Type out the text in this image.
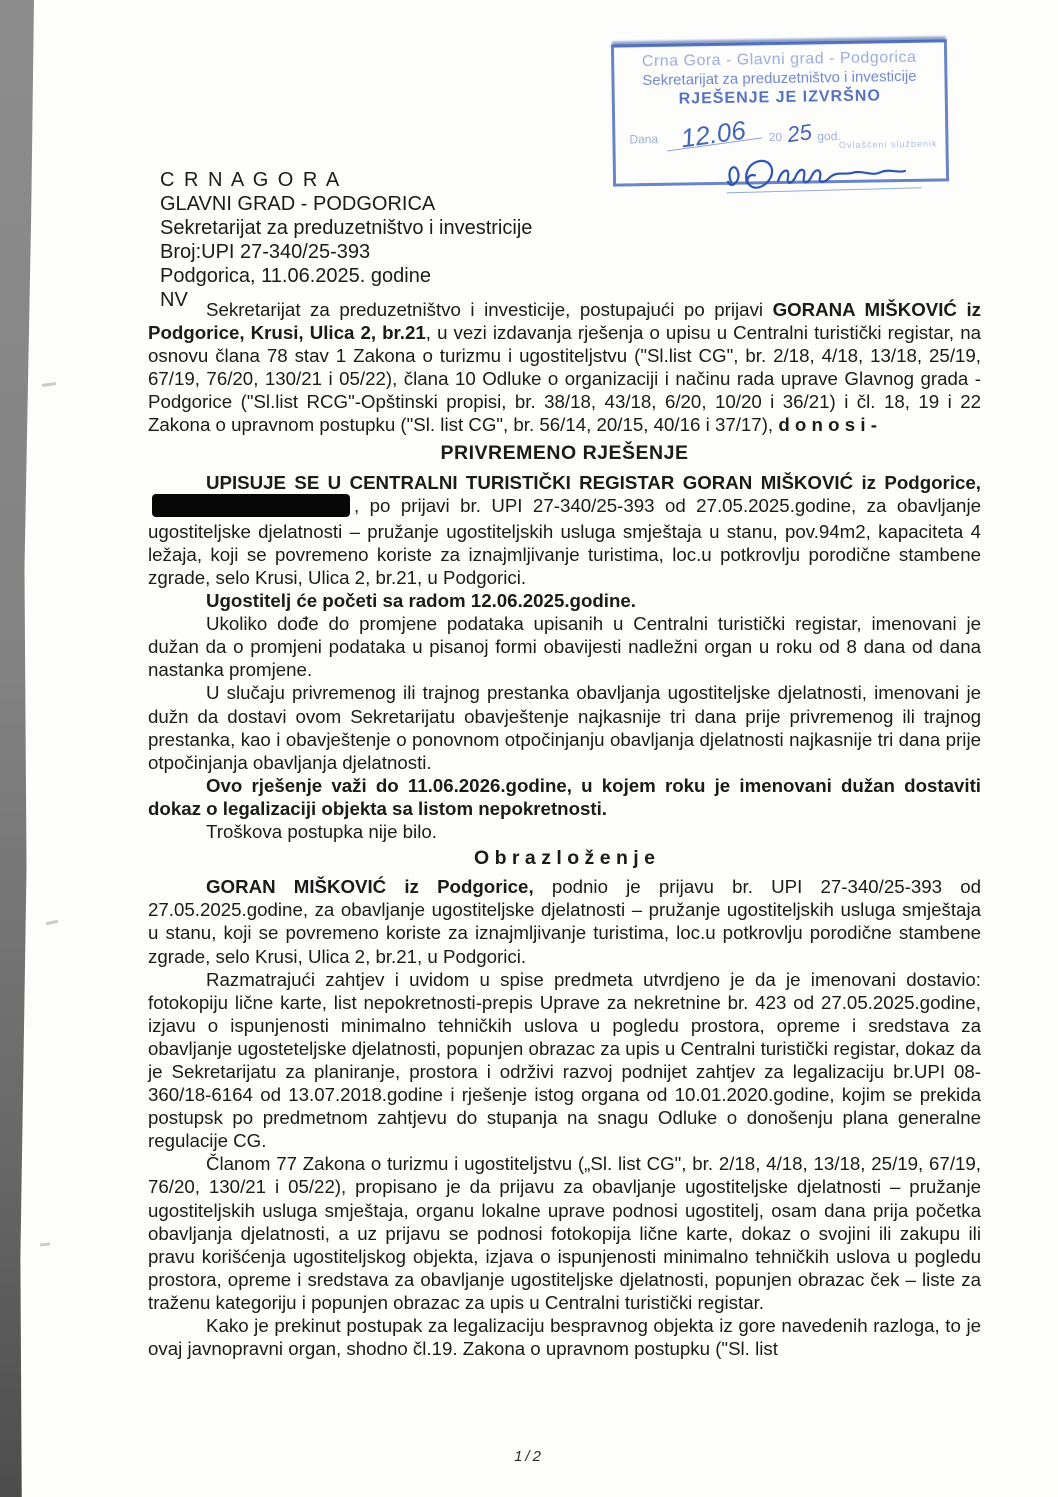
Crna Gora - Glavni grad - Podgorica
Sekretarijat za preduzetništvo i investicije
RJEŠENJE JE IZVRŠNO
Dana 12.06 20 25 god.
Ovlašćeni službenik
C R N A G O R A
GLAVNI GRAD - PODGORICA
Sekretarijat za preduzetništvo i investricije
Broj:UPI 27-340/25-393
Podgorica, 11.06.2025. godine
NV Sekretarijat za preduzetništvo i investicije, postupajući po prijavi GORANA MIŠKOVIĆ iz Podgorice, Krusi, Ulica 2, br.21, u vezi izdavanja rješenja o upisu u Centralni turistički registar, na osnovu člana 78 stav 1 Zakona o turizmu i ugostiteljstvu ("Sl.list CG", br. 2/18, 4/18, 13/18, 25/19, 67/19, 76/20, 130/21 i 05/22), člana 10 Odluke o organizaciji i načinu rada uprave Glavnog grada - Podgorice ("Sl.list RCG"-Opštinski propisi, br. 38/18, 43/18, 6/20, 10/20 i 36/21) i čl. 18, 19 i 22 Zakona o upravnom postupku ("Sl. list CG", br. 56/14, 20/15, 40/16 i 37/17), d o n o s i -

PRIVREMENO RJEŠENJE

UPISUJE SE U CENTRALNI TURISTIČKI REGISTAR GORAN MIŠKOVIĆ iz Podgorice,, po prijavi br. UPI 27-340/25-393 od 27.05.2025.godine, za obavljanje ugostiteljske djelatnosti – pružanje ugostiteljskih usluga smještaja u stanu, pov.94m2, kapaciteta 4 ležaja, koji se povremeno koriste za iznajmljivanje turistima, loc.u potkrovlju porodične stambene zgrade, selo Krusi, Ulica 2, br.21, u Podgorici.

Ugostitelj će početi sa radom 12.06.2025.godine.

Ukoliko dođe do promjene podataka upisanih u Centralni turistički registar, imenovani je dužan da o promjeni podataka u pisanoj formi obavijesti nadležni organ u roku od 8 dana od dana nastanka promjene.

U slučaju privremenog ili trajnog prestanka obavljanja ugostiteljske djelatnosti, imenovani je dužn da dostavi ovom Sekretarijatu obavještenje najkasnije tri dana prije privremenog ili trajnog prestanka, kao i obavještenje o ponovnom otpočinjanju obavljanja djelatnosti najkasnije tri dana prije otpočinjanja obavljanja djelatnosti.

Ovo rješenje važi do 11.06.2026.godine, u kojem roku je imenovani dužan dostaviti dokaz o legalizaciji objekta sa listom nepokretnosti.

Troškova postupka nije bilo.

O b r a z l o ž e n j e

GORAN MIŠKOVIĆ iz Podgorice, podnio je prijavu br. UPI 27-340/25-393 od 27.05.2025.godine, za obavljanje ugostiteljske djelatnosti – pružanje ugostiteljskih usluga smještaja u stanu, koji se povremeno koriste za iznajmljivanje turistima, loc.u potkrovlju porodične stambene zgrade, selo Krusi, Ulica 2, br.21, u Podgorici.

Razmatrajući zahtjev i uvidom u spise predmeta utvrdjeno je da je imenovani dostavio: fotokopiju lične karte, list nepokretnosti-prepis Uprave za nekretnine br. 423 od 27.05.2025.godine, izjavu o ispunjenosti minimalno tehničkih uslova u pogledu prostora, opreme i sredstava za obavljanje ugosteteljske djelatnosti, popunjen obrazac za upis u Centralni turistički registar, dokaz da je Sekretarijatu za planiranje, prostora i održivi razvoj podnijet zahtjev za legalizaciju br.UPI 08-360/18-6164 od 13.07.2018.godine i rješenje istog organa od 10.01.2020.godine, kojim se prekida postupsk po predmetnom zahtjevu do stupanja na snagu Odluke o donošenju plana generalne regulacije CG.

Članom 77 Zakona o turizmu i ugostiteljstvu („Sl. list CG", br. 2/18, 4/18, 13/18, 25/19, 67/19, 76/20, 130/21 i 05/22), propisano je da prijavu za obavljanje ugostiteljske djelatnosti – pružanje ugostiteljskih usluga smještaja, organu lokalne uprave podnosi ugostitelj, osam dana prija početka obavljanja djelatnosti, a uz prijavu se podnosi fotokopija lične karte, dokaz o svojini ili zakupu ili pravu korišćenja ugostiteljskog objekta, izjava o ispunjenosti minimalno tehničkih uslova u pogledu prostora, opreme i sredstava za obavljanje ugostiteljske djelatnosti, popunjen obrazac ček – liste za traženu kategoriju i popunjen obrazac za upis u Centralni turistički registar.

Kako je prekinut postupak za legalizaciju bespravnog objekta iz gore navedenih razloga, to je ovaj javnopravni organ, shodno čl.19. Zakona o upravnom postupku ("Sl. list

1/2
